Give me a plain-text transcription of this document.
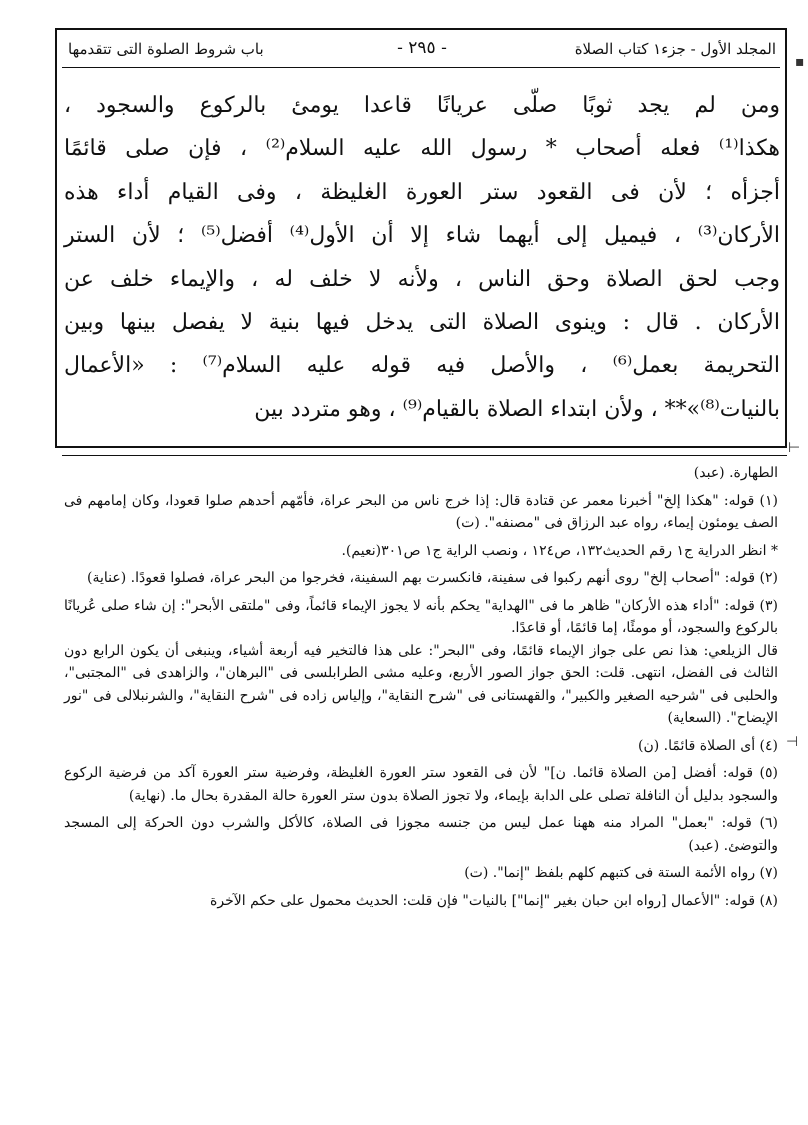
المجلد الأول - جزء١ كتاب الصلاة
- ٢٩٥ -
باب شروط الصلوة التى تتقدمها

ومن لم يجد ثوبًا صلّى عريانًا قاعدا يومئ بالركوع والسجود ،

هكذا⁽¹⁾ فعله أصحاب * رسول الله عليه السلام⁽²⁾ ، فإن صلى قائمًا

أجزأه ؛ لأن فى القعود ستر العورة الغليظة ، وفى القيام أداء هذه

الأركان⁽³⁾ ، فيميل إلى أيهما شاء إلا أن الأول⁽⁴⁾ أفضل⁽⁵⁾ ؛ لأن الستر

وجب لحق الصلاة وحق الناس ، ولأنه لا خلف له ، والإيماء خلف عن

الأركان . قال : وينوى الصلاة التى يدخل فيها بنية لا يفصل بينها وبين

التحريمة بعمل⁽⁶⁾ ، والأصل فيه قوله عليه السلام⁽⁷⁾ : «الأعمال

بالنيات⁽⁸⁾»** ، ولأن ابتداء الصلاة بالقيام⁽⁹⁾ ، وهو متردد بين

الطهارة. (عبد)

(١) قوله: "هكذا إلخ" أخبرنا معمر عن قتادة قال: إذا خرج ناس من البحر عراة، فأمّهم أحدهم صلوا قعودا، وكان إمامهم فى الصف يومئون إيماء، رواه عبد الرزاق فى "مصنفه". (ت)

* انظر الدراية ج١ رقم الحديث١٣٢، ص١٢٤ ، ونصب الراية ج١ ص٣٠١(نعيم).

(٢) قوله: "أصحاب إلخ" روى أنهم ركبوا فى سفينة، فانكسرت بهم السفينة، فخرجوا من البحر عراة، فصلوا قعودًا. (عناية)

(٣) قوله: "أداء هذه الأركان" ظاهر ما فى "الهداية" يحكم بأنه لا يجوز الإيماء قائماً، وفى "ملتقى الأبحر": إن شاء صلى عُريانًا بالركوع والسجود، أو مومئًا، إما قائمًا، أو قاعدًا.

قال الزيلعي: هذا نص على جواز الإيماء قائمًا، وفى "البحر": على هذا فالتخير فيه أربعة أشياء، وينبغى أن يكون الرابع دون الثالث فى الفضل، انتهى. قلت: الحق جواز الصور الأربع، وعليه مشى الطرابلسى فى "البرهان"، والزاهدى فى "المجتبى"، والحلبى فى "شرحيه الصغير والكبير"، والقهستانى فى "شرح النقاية"، وإلياس زاده فى "شرح النقاية"، والشرنبلالى فى "نور الإيضاح". (السعاية)

(٤) أى الصلاة قائمًا. (ن)

(٥) قوله: أفضل [من الصلاة قائما. ن]" لأن فى القعود ستر العورة الغليظة، وفرضية ستر العورة آكد من فرضية الركوع والسجود بدليل أن النافلة تصلى على الدابة بإيماء، ولا تجوز الصلاة بدون ستر العورة حالة المقدرة بحال ما. (نهاية)

(٦) قوله: "بعمل" المراد منه ههنا عمل ليس من جنسه مجوزا فى الصلاة، كالأكل والشرب دون الحركة إلى المسجد والتوضئ. (عبد)

(٧) رواه الأئمة الستة فى كتبهم كلهم بلفظ "إنما". (ت)

(٨) قوله: "الأعمال [رواه ابن حبان بغير "إنما"] بالنيات" فإن قلت: الحديث محمول على حكم الآخرة

▪
⊢
⊣
